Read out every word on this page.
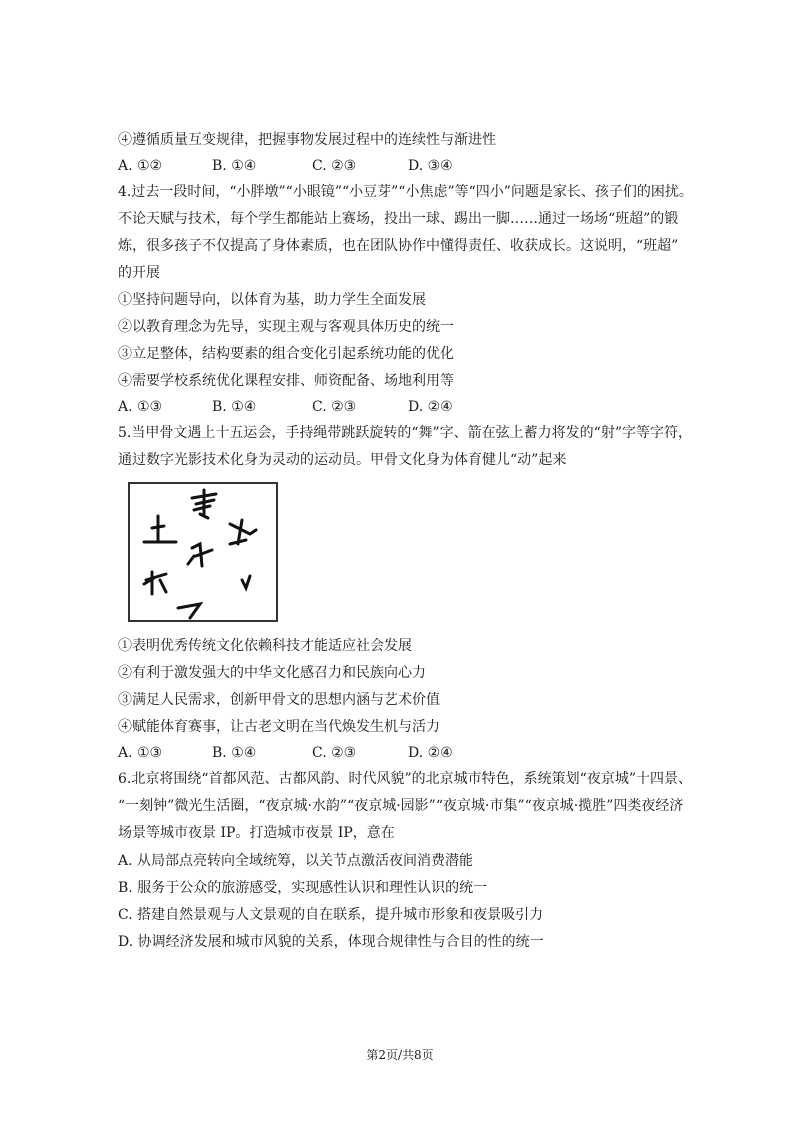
④遵循质量互变规律，把握事物发展过程中的连续性与渐进性
A. ①②	B. ①④	C. ②③	D. ③④
4.过去一段时间，“小胖墩”“小眼镜”“小豆芽”“小焦虑”等“四小”问题是家长、孩子们的困扰。
不论天赋与技术，每个学生都能站上赛场，投出一球、踢出一脚……通过一场场“班超”的锻
炼，很多孩子不仅提高了身体素质，也在团队协作中懂得责任、收获成长。这说明，“班超”
的开展
①坚持问题导向，以体育为基，助力学生全面发展
②以教育理念为先导，实现主观与客观具体历史的统一
③立足整体，结构要素的组合变化引起系统功能的优化
④需要学校系统优化课程安排、师资配备、场地利用等
A. ①③	B. ①④	C. ②③	D. ②④
5.当甲骨文遇上十五运会，手持绳带跳跃旋转的“舞”字、箭在弦上蓄力将发的“射”字等字符，
通过数字光影技术化身为灵动的运动员。甲骨文化身为体育健儿“动”起来
①表明优秀传统文化依赖科技才能适应社会发展
②有利于激发强大的中华文化感召力和民族向心力
③满足人民需求，创新甲骨文的思想内涵与艺术价值
④赋能体育赛事，让古老文明在当代焕发生机与活力
A. ①③	B. ①④	C. ②③	D. ②④
6.北京将围绕“首都风范、古都风韵、时代风貌”的北京城市特色，系统策划“夜京城”十四景、
“一刻钟”微光生活圈，“夜京城·水韵”“夜京城·园影”“夜京城·市集”“夜京城·揽胜”四类夜经济
场景等城市夜景 IP。打造城市夜景 IP，意在
A. 从局部点亮转向全域统筹，以关节点激活夜间消费潜能
B. 服务于公众的旅游感受，实现感性认识和理性认识的统一
C. 搭建自然景观与人文景观的自在联系，提升城市形象和夜景吸引力
D. 协调经济发展和城市风貌的关系，体现合规律性与合目的性的统一
第2页/共8页
